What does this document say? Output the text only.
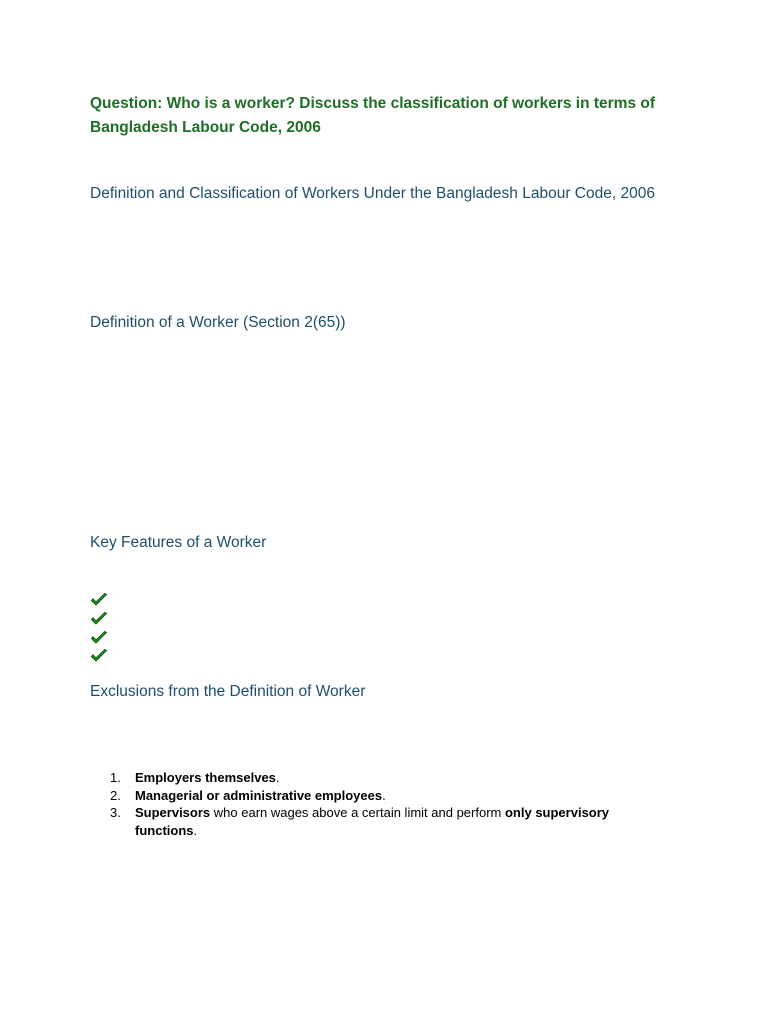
Question: Who is a worker? Discuss the classification of workers in terms of Bangladesh Labour Code, 2006
Definition and Classification of Workers Under the Bangladesh Labour Code, 2006
Definition of a Worker (Section 2(65))
Key Features of a Worker
Exclusions from the Definition of Worker
1.	Employers themselves.
2.	Managerial or administrative employees.
3.	Supervisors who earn wages above a certain limit and perform only supervisory functions.
